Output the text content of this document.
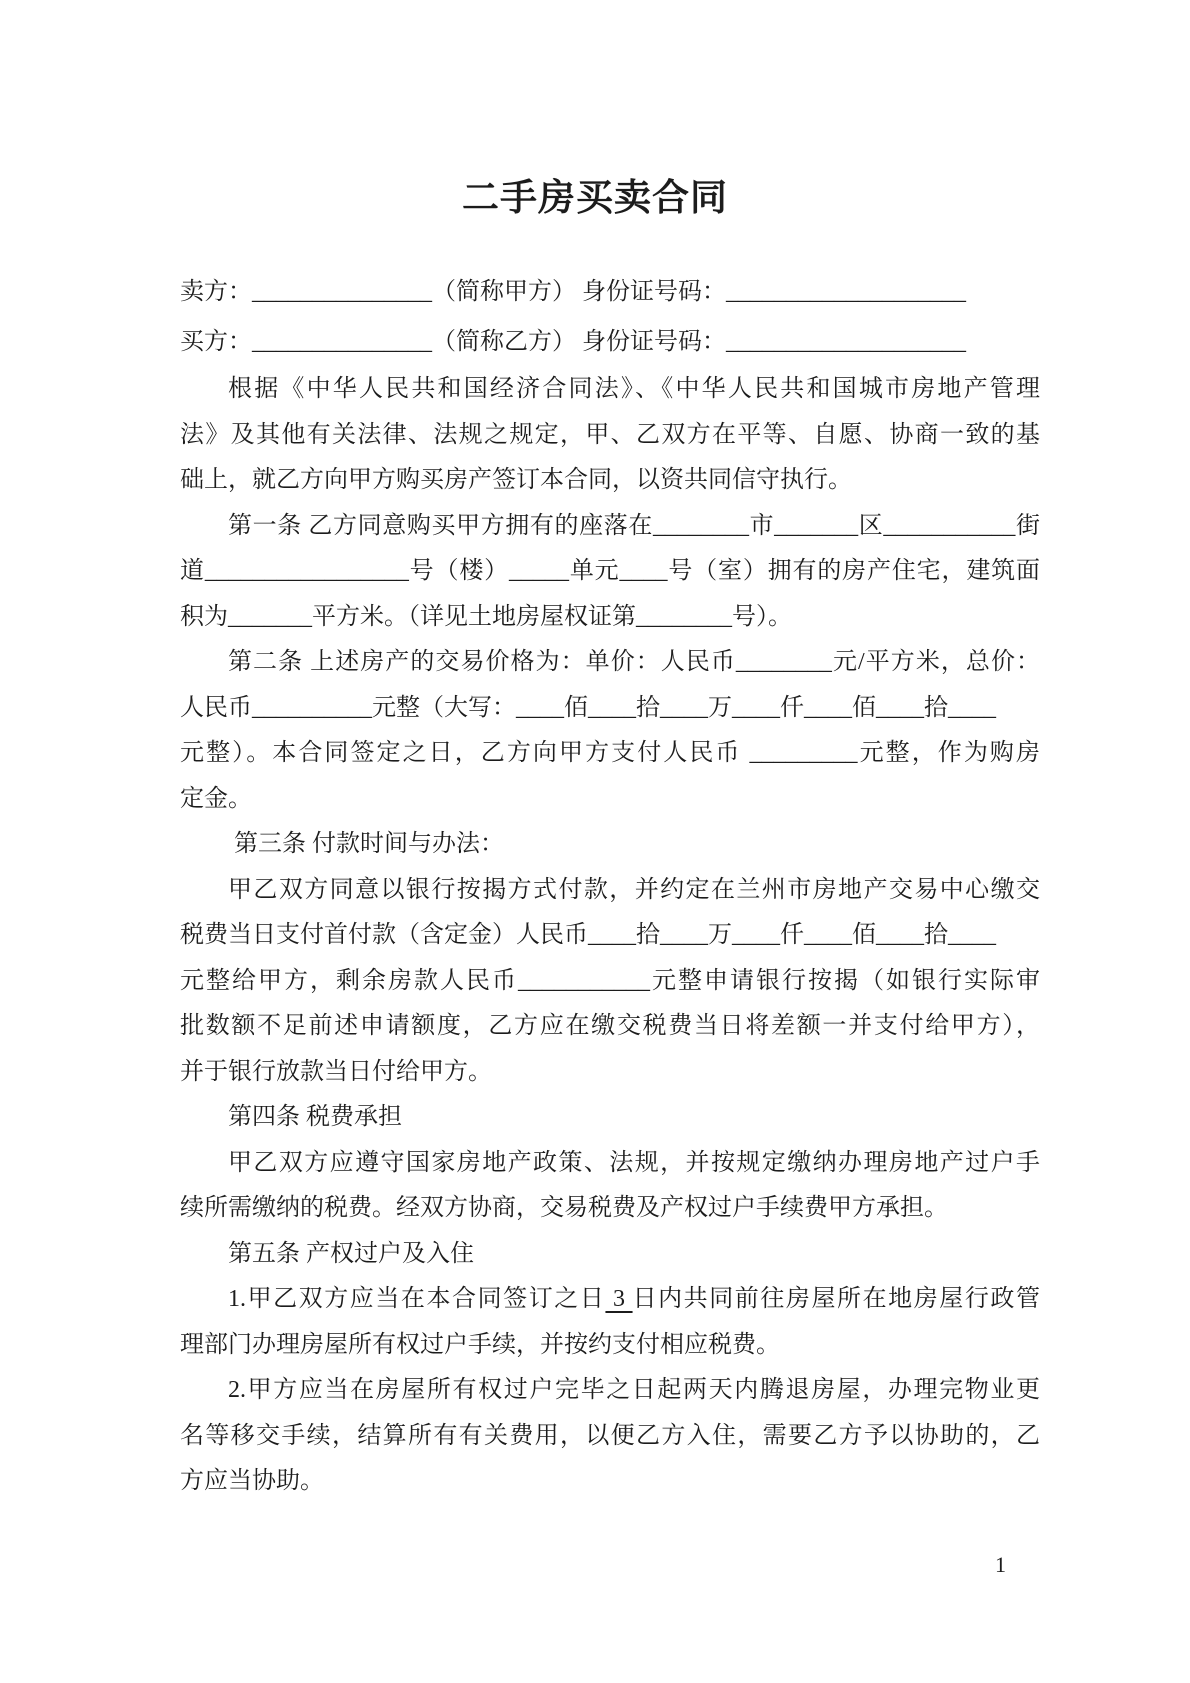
二手房买卖合同
卖方：_______________（简称甲方） 身份证号码：____________________
买方：_______________（简称乙方） 身份证号码：____________________
根据《中华人民共和国经济合同法》、《中华人民共和国城市房地产管理
法》及其他有关法律、法规之规定，甲、乙双方在平等、自愿、协商一致的基
础上，就乙方向甲方购买房产签订本合同，以资共同信守执行。
第一条 乙方同意购买甲方拥有的座落在________市_______区___________街
道_________________号（楼）_____单元____号（室）拥有的房产住宅，建筑面
积为_______平方米。（详见土地房屋权证第________号）。
第二条 上述房产的交易价格为：单价：人民币________元/平方米，总价：
人民币__________元整（大写：____佰____拾____万____仟____佰____拾____
元整）。本合同签定之日，乙方向甲方支付人民币 _________元整，作为购房
定金。
第三条 付款时间与办法：
甲乙双方同意以银行按揭方式付款，并约定在兰州市房地产交易中心缴交
税费当日支付首付款（含定金）人民币____拾____万____仟____佰____拾____
元整给甲方，剩余房款人民币___________元整申请银行按揭（如银行实际审
批数额不足前述申请额度，乙方应在缴交税费当日将差额一并支付给甲方），
并于银行放款当日付给甲方。
第四条 税费承担
甲乙双方应遵守国家房地产政策、法规，并按规定缴纳办理房地产过户手
续所需缴纳的税费。经双方协商，交易税费及产权过户手续费甲方承担。
第五条 产权过户及入住
1.甲乙双方应当在本合同签订之日 3 日内共同前往房屋所在地房屋行政管
理部门办理房屋所有权过户手续，并按约支付相应税费。
2.甲方应当在房屋所有权过户完毕之日起两天内腾退房屋，办理完物业更
名等移交手续，结算所有有关费用，以便乙方入住，需要乙方予以协助的，乙
方应当协助。
1
